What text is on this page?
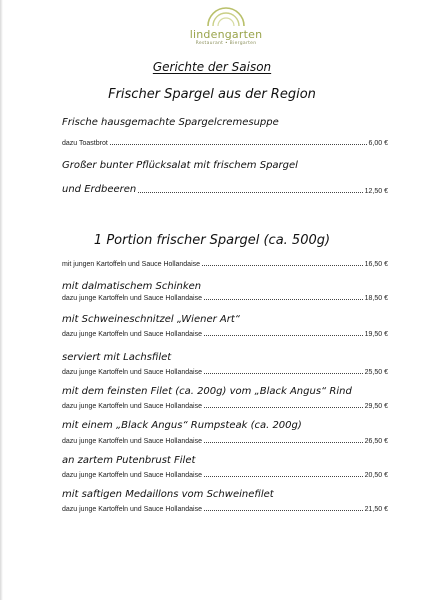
lindengarten
Restaurant • Biergarten
Gerichte der Saison
Frischer Spargel aus der Region
Frische hausgemachte Spargelcremesuppe
dazu Toastbrot	6,00 €
Großer bunter Pflücksalat mit frischem Spargel
und Erdbeeren	12,50 €
1 Portion frischer Spargel (ca. 500g)
mit jungen Kartoffeln und Sauce Hollandaise	16,50 €
mit dalmatischem Schinken
dazu junge Kartoffeln und Sauce Hollandaise	18,50 €
mit Schweineschnitzel „Wiener Art“
dazu junge Kartoffeln und Sauce Hollandaise	19,50 €
serviert mit Lachsfilet
dazu junge Kartoffeln und Sauce Hollandaise	25,50 €
mit dem feinsten Filet (ca. 200g) vom „Black Angus“ Rind
dazu junge Kartoffeln und Sauce Hollandaise	29,50 €
mit einem „Black Angus“ Rumpsteak (ca. 200g)
dazu junge Kartoffeln und Sauce Hollandaise	26,50 €
an zartem Putenbrust Filet
dazu junge Kartoffeln und Sauce Hollandaise	20,50 €
mit saftigen Medaillons vom Schweinefilet
dazu junge Kartoffeln und Sauce Hollandaise	21,50 €
